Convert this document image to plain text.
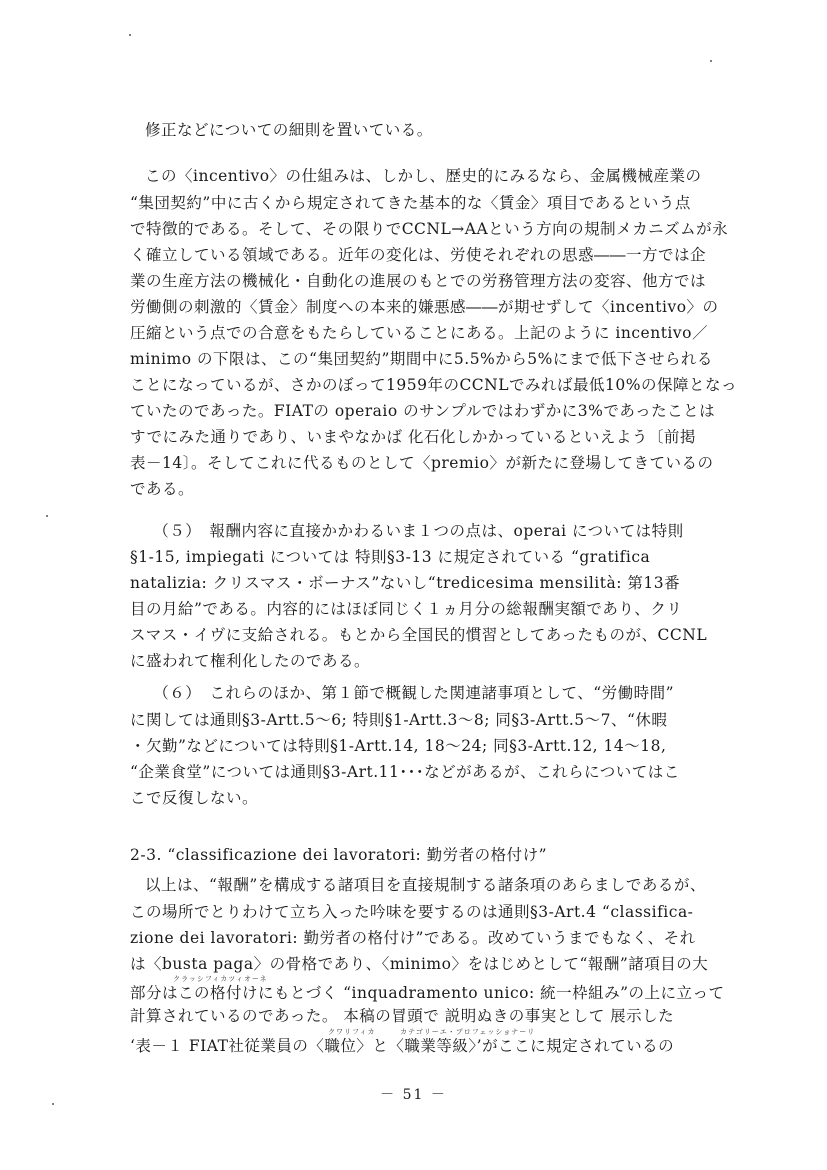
修正などについての細則を置いている。
この〈incentivo〉の仕組みは、しかし、歴史的にみるなら、金属機械産業の
“集団契約”中に古くから規定されてきた基本的な〈賃金〉項目であるという点
で特徴的である。そして、その限りでCCNL→AAという方向の規制メカニズムが永
く確立している領域である。近年の変化は、労使それぞれの思惑――一方では企
業の生産方法の機械化・自動化の進展のもとでの労務管理方法の変容、他方では
労働側の刺激的〈賃金〉制度への本来的嫌悪感――が期せずして〈incentivo〉の
圧縮という点での合意をもたらしていることにある。上記のように incentivo／
minimo の下限は、この“集団契約”期間中に5.5%から5%にまで低下させられる
ことになっているが、さかのぼって1959年のCCNLでみれば最低10%の保障となっ
ていたのであった。FIATの operaio のサンプルではわずかに3%であったことは
すでにみた通りであり、いまやなかば 化石化しかかっているといえよう〔前掲
表－14〕。そしてこれに代るものとして〈premio〉が新たに登場してきているの
である。
　（５）　報酬内容に直接かかわるいま１つの点は、operai については特則
§1-15, impiegati については 特則§3-13 に規定されている “gratifica
natalizia: クリスマス・ボーナス”ないし“tredicesima mensilità: 第13番
目の月給”である。内容的にはほぼ同じく１ヵ月分の総報酬実額であり、クリ
スマス・イヴに支給される。もとから全国民的慣習としてあったものが、CCNL
に盛われて権利化したのである。
　（６）　これらのほか、第１節で概観した関連諸事項として、“労働時間”
に関しては通則§3-Artt.5～6; 特則§1-Artt.3～8; 同§3-Artt.5～7、“休暇
・欠勤”などについては特則§1-Artt.14, 18～24; 同§3-Artt.12, 14～18,
“企業食堂”については通則§3-Art.11･･･などがあるが、これらについてはこ
こで反復しない。
2-3. “classificazione dei lavoratori: 勤労者の格付け”
以上は、“報酬”を構成する諸項目を直接規制する諸条項のあらましであるが、
この場所でとりわけて立ち入った吟味を要するのは通則§3-Art.4 “classifica-
zione dei lavoratori: 勤労者の格付け”である。改めていうまでもなく、それ
は〈busta paga〉の骨格であり、〈minimo〉をはじめとして“報酬”諸項目の大
クラッシフィカツィオーネ
部分はこの格付けにもとづく “inquadramento unico: 統一枠組み”の上に立って
計算されているのであった。 本稿の冒頭で 説明ぬきの事実として 展示した
クワリフィカ	カテゴリーエ・プロフェッショナーリ
‘表－１ FIAT社従業員の〈職位〉と〈職業等級〉’がここに規定されているの
－ 51 －
